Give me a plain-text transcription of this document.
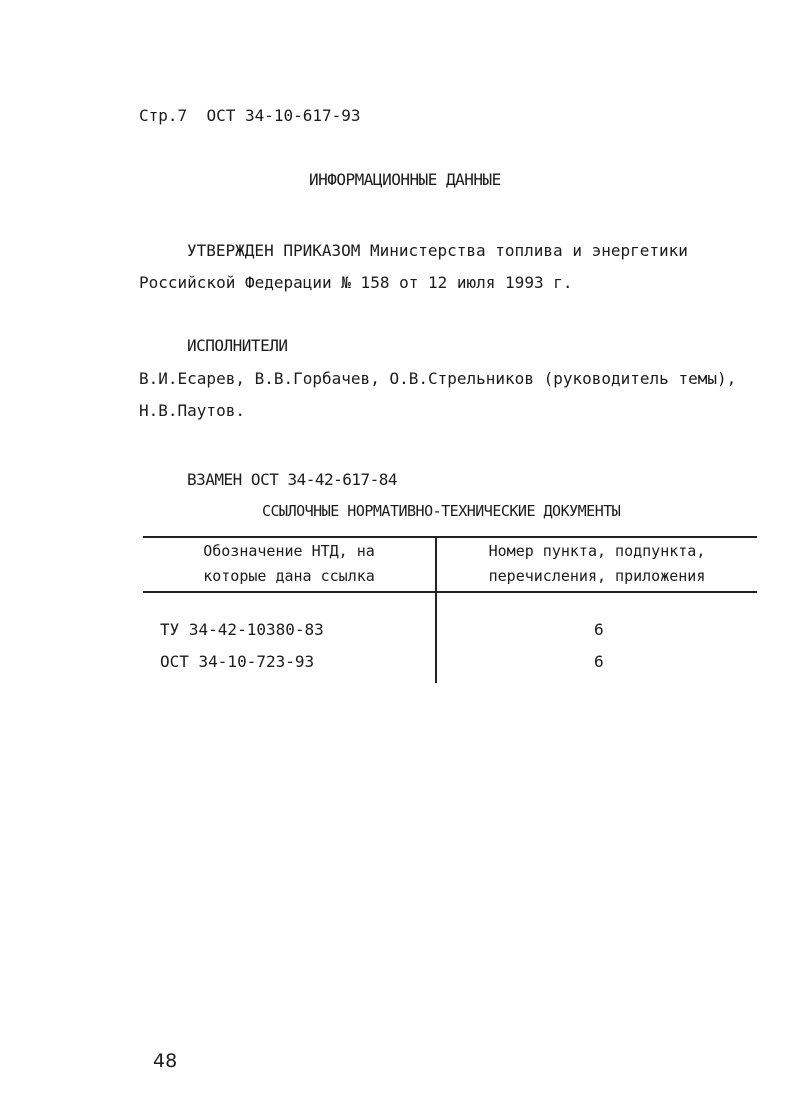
Стр.7 ОСТ 34-10-617-93
ИНФОРМАЦИОННЫЕ ДАННЫЕ
УТВЕРЖДЕН ПРИКАЗОМ Министерства топлива и энергетики
Российской Федерации № 158 от 12 июля 1993 г.
ИСПОЛНИТЕЛИ
В.И.Есарев, В.В.Горбачев, О.В.Стрельников (руководитель темы),
Н.В.Паутов.
ВЗАМЕН ОСТ 34-42-617-84
ССЫЛОЧНЫЕ НОРМАТИВНО-ТЕХНИЧЕСКИЕ ДОКУМЕНТЫ
Обозначение НТД, на
которые дана ссылка
Номер пункта, подпункта,
перечисления, приложения
ТУ 34-42-10380-83	6
ОСТ 34-10-723-93	6
48
